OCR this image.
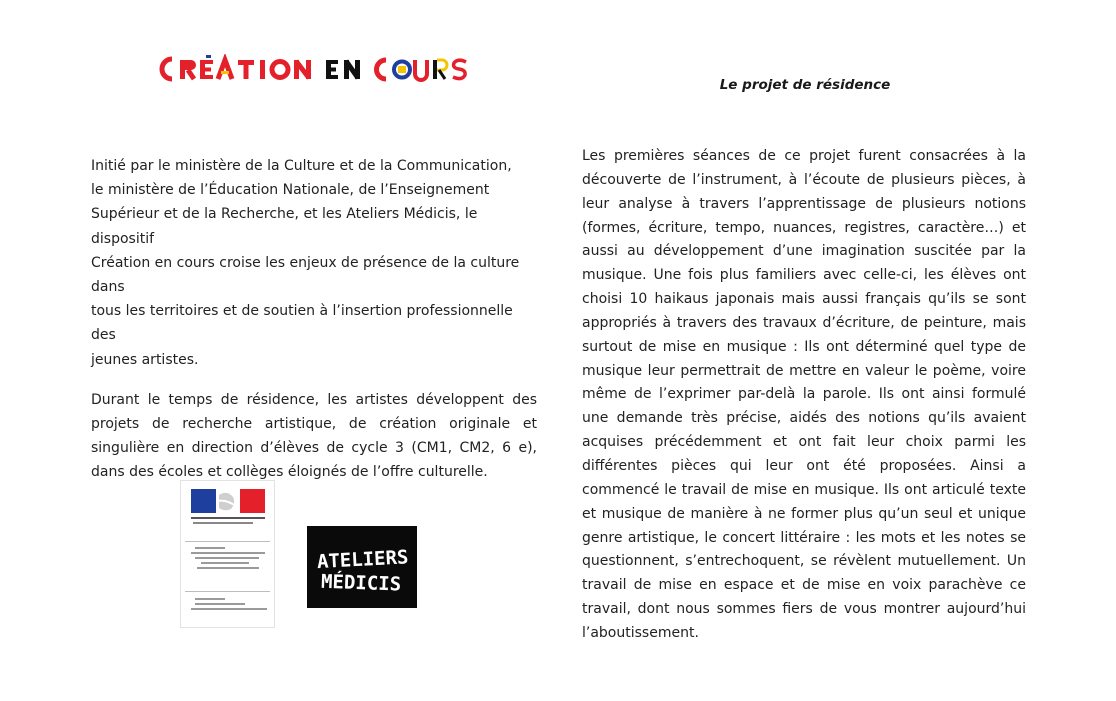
Le projet de résidence

Initié par le ministère de la Culture et de la Communication,
le ministère de l’Éducation Nationale, de l’Enseignement
Supérieur et de la Recherche, et les Ateliers Médicis, le dispositif
Création en cours croise les enjeux de présence de la culture dans
tous les territoires et de soutien à l’insertion professionnelle des
jeunes artistes.

Durant le temps de résidence, les artistes développent des projets de recherche artistique, de création originale et singulière en direction d’élèves de cycle 3 (CM1, CM2, 6 e), dans des écoles et collèges éloignés de l’offre culturelle.

Les premières séances de ce projet furent consacrées à la découverte de l’instrument, à l’écoute de plusieurs pièces, à leur analyse à travers l’apprentissage de plusieurs notions (formes, écriture, tempo, nuances, registres, caractère…) et aussi au développement d’une imagination suscitée par la musique. Une fois plus familiers avec celle-ci, les élèves ont choisi 10 haikaus japonais mais aussi français qu’ils se sont appropriés à travers des travaux d’écriture, de peinture, mais surtout de mise en musique : Ils ont déterminé quel type de musique leur permettrait de mettre en valeur le poème, voire même de l’exprimer par-delà la parole. Ils ont ainsi formulé une demande très précise, aidés des notions qu’ils avaient acquises précédemment et ont fait leur choix parmi les différentes pièces qui leur ont été proposées. Ainsi a commencé le travail de mise en musique. Ils ont articulé texte et musique de manière à ne former plus qu’un seul et unique genre artistique, le concert littéraire : les mots et les notes se questionnent, s’entrechoquent, se révèlent mutuellement. Un travail de mise en espace et de mise en voix parachève ce travail, dont nous sommes fiers de vous montrer aujourd’hui l’aboutissement.

ATELIERS
MÉDICIS
